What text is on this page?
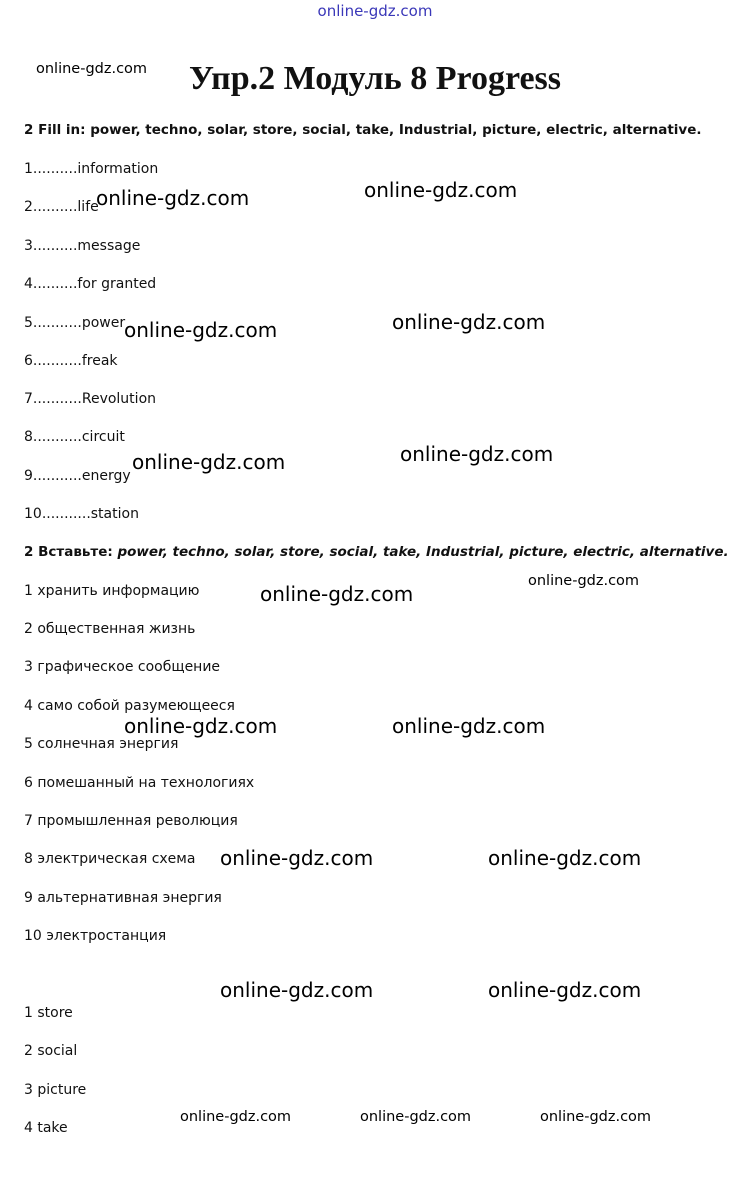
online-gdz.com
Упр.2 Модуль 8 Progress
2 Fill in: power, techno, solar, store, social, take, Industrial, picture, electric, alternative.
1..........information
2..........life
3..........message
4..........for granted
5...........power
6...........freak
7...........Revolution
8...........circuit
9...........energy
10...........station
2 Вставьте: power, techno, solar, store, social, take, Industrial, picture, electric, alternative.
1 хранить информацию
2 общественная жизнь
3 графическое сообщение
4 само собой разумеющееся
5 солнечная энергия
6 помешанный на технологиях
7 промышленная революция
8 электрическая схема
9 альтернативная энергия
10 электростанция
1 store
2 social
3 picture
4 take
online-gdz.com
online-gdz.com	online-gdz.com
online-gdz.com	online-gdz.com
online-gdz.com	online-gdz.com
online-gdz.com
online-gdz.com
online-gdz.com	online-gdz.com
online-gdz.com	online-gdz.com
online-gdz.com	online-gdz.com
online-gdz.com	online-gdz.com	online-gdz.com
